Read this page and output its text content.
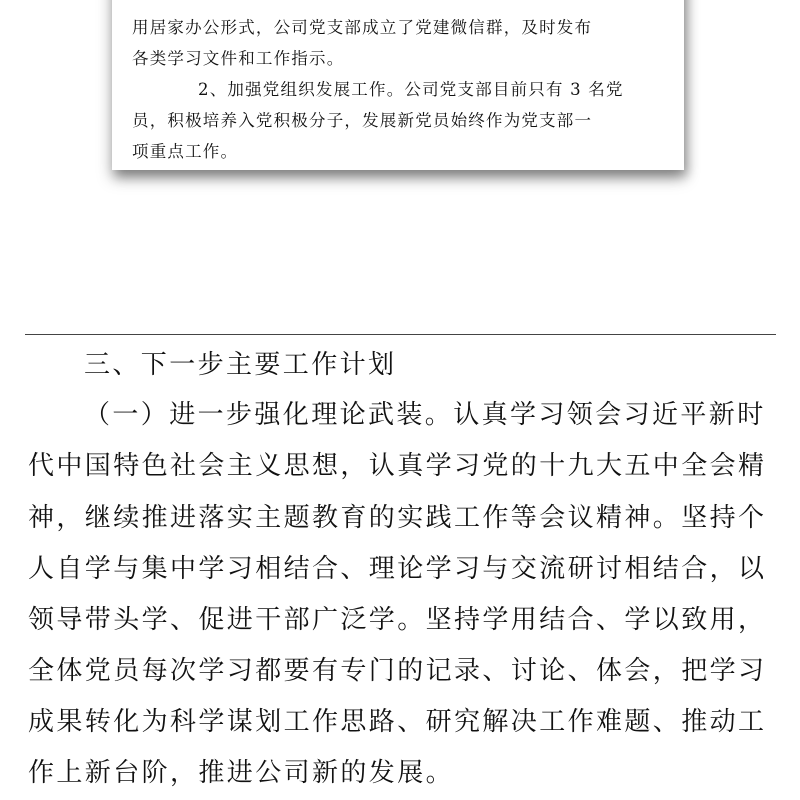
用居家办公形式，公司党支部成立了党建微信群，及时发布
各类学习文件和工作指示。
2、加强党组织发展工作。公司党支部目前只有 3 名党
员，积极培养入党积极分子，发展新党员始终作为党支部一
项重点工作。
三、下一步主要工作计划
（一）进一步强化理论武装。认真学习领会习近平新时
代中国特色社会主义思想，认真学习党的十九大五中全会精
神，继续推进落实主题教育的实践工作等会议精神。坚持个
人自学与集中学习相结合、理论学习与交流研讨相结合，以
领导带头学、促进干部广泛学。坚持学用结合、学以致用，
全体党员每次学习都要有专门的记录、讨论、体会，把学习
成果转化为科学谋划工作思路、研究解决工作难题、推动工
作上新台阶，推进公司新的发展。
